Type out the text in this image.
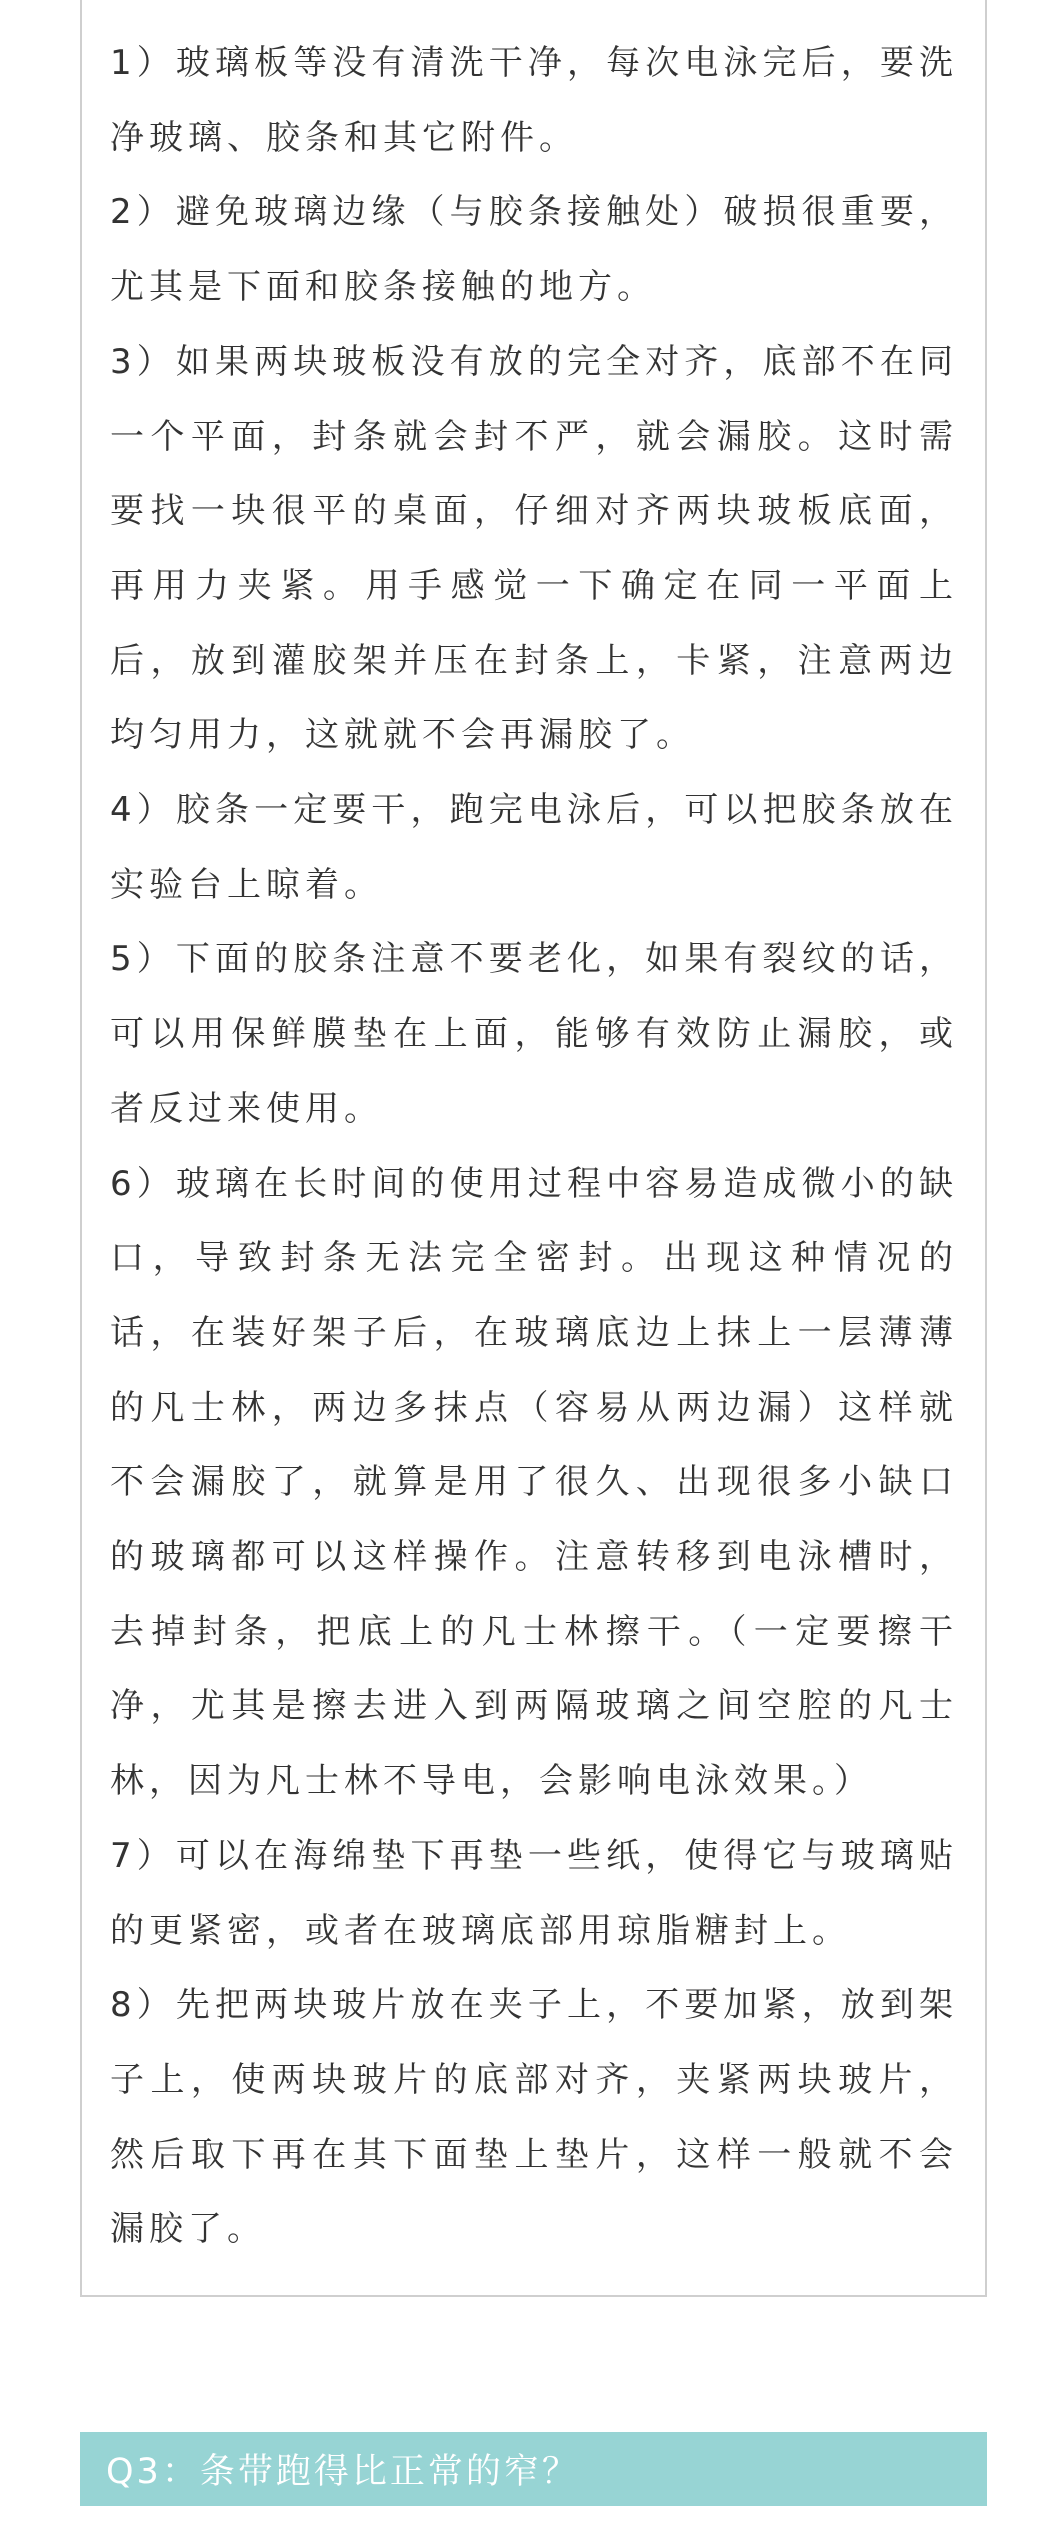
1）玻璃板等没有清洗干净，每次电泳完后，要洗净玻璃、胶条和其它附件。
2）避免玻璃边缘（与胶条接触处）破损很重要，尤其是下面和胶条接触的地方。
3）如果两块玻板没有放的完全对齐，底部不在同一个平面，封条就会封不严，就会漏胶。这时需要找一块很平的桌面，仔细对齐两块玻板底面，再用力夹紧。用手感觉一下确定在同一平面上后，放到灌胶架并压在封条上，卡紧，注意两边均匀用力，这就就不会再漏胶了。
4）胶条一定要干，跑完电泳后，可以把胶条放在实验台上晾着。
5）下面的胶条注意不要老化，如果有裂纹的话，可以用保鲜膜垫在上面，能够有效防止漏胶，或者反过来使用。
6）玻璃在长时间的使用过程中容易造成微小的缺口，导致封条无法完全密封。出现这种情况的话，在装好架子后，在玻璃底边上抹上一层薄薄的凡士林，两边多抹点（容易从两边漏）这样就不会漏胶了，就算是用了很久、出现很多小缺口的玻璃都可以这样操作。注意转移到电泳槽时，去掉封条，把底上的凡士林擦干。（一定要擦干净，尤其是擦去进入到两隔玻璃之间空腔的凡士林，因为凡士林不导电，会影响电泳效果。）
7）可以在海绵垫下再垫一些纸，使得它与玻璃贴的更紧密，或者在玻璃底部用琼脂糖封上。
8）先把两块玻片放在夹子上，不要加紧，放到架子上，使两块玻片的底部对齐，夹紧两块玻片，然后取下再在其下面垫上垫片，这样一般就不会漏胶了。
Q3：条带跑得比正常的窄？
